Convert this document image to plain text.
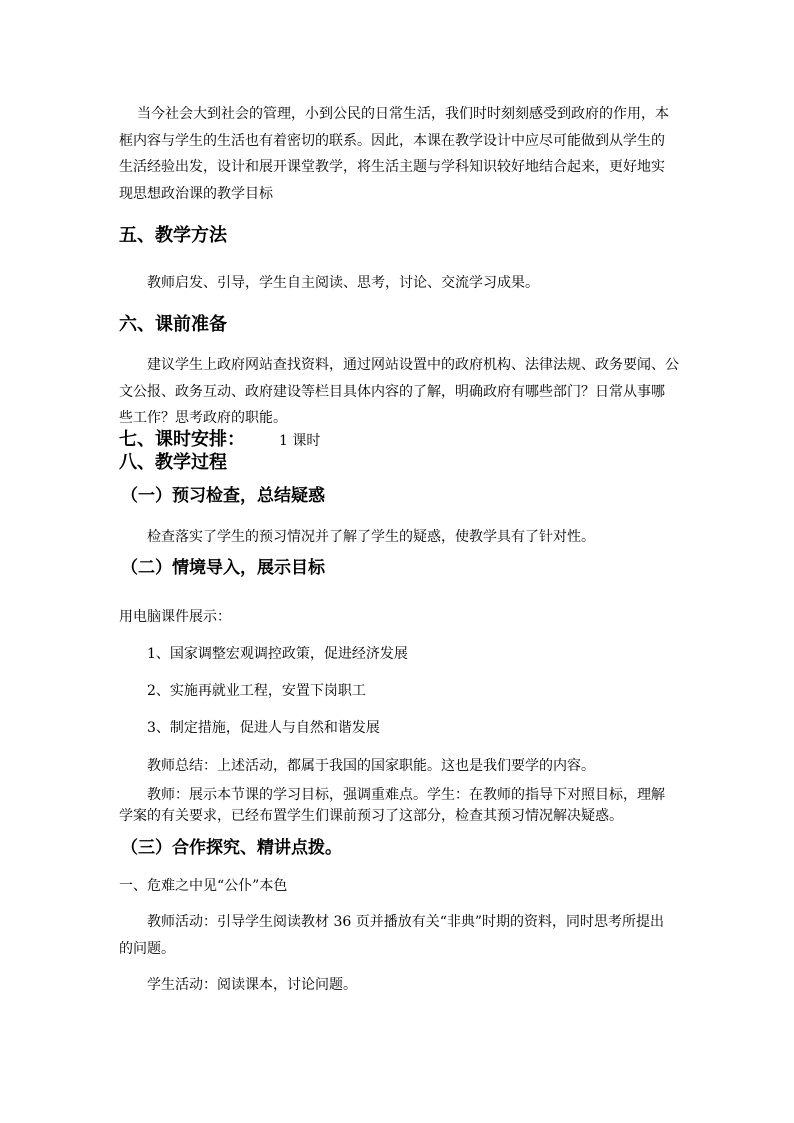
当今社会大到社会的管理，小到公民的日常生活，我们时时刻刻感受到政府的作用，本
框内容与学生的生活也有着密切的联系。因此，本课在教学设计中应尽可能做到从学生的
生活经验出发，设计和展开课堂教学，将生活主题与学科知识较好地结合起来，更好地实
现思想政治课的教学目标
五、教学方法
教师启发、引导，学生自主阅读、思考，讨论、交流学习成果。
六、课前准备
建议学生上政府网站查找资料，通过网站设置中的政府机构、法律法规、政务要闻、公
文公报、政务互动、政府建设等栏目具体内容的了解，明确政府有哪些部门？日常从事哪
些工作？思考政府的职能。
七、课时安排： 1 课时
八、教学过程
（一）预习检查，总结疑惑
检查落实了学生的预习情况并了解了学生的疑惑，使教学具有了针对性。
（二）情境导入，展示目标
用电脑课件展示：
1、国家调整宏观调控政策，促进经济发展
2、实施再就业工程，安置下岗职工
3、制定措施，促进人与自然和谐发展
教师总结：上述活动，都属于我国的国家职能。这也是我们要学的内容。
教师：展示本节课的学习目标，强调重难点。学生：在教师的指导下对照目标，理解
学案的有关要求，已经布置学生们课前预习了这部分，检查其预习情况解决疑惑。
（三）合作探究、精讲点拨。
一、危难之中见“公仆”本色
教师活动：引导学生阅读教材 36 页并播放有关“非典”时期的资料，同时思考所提出
的问题。
学生活动：阅读课本，讨论问题。
